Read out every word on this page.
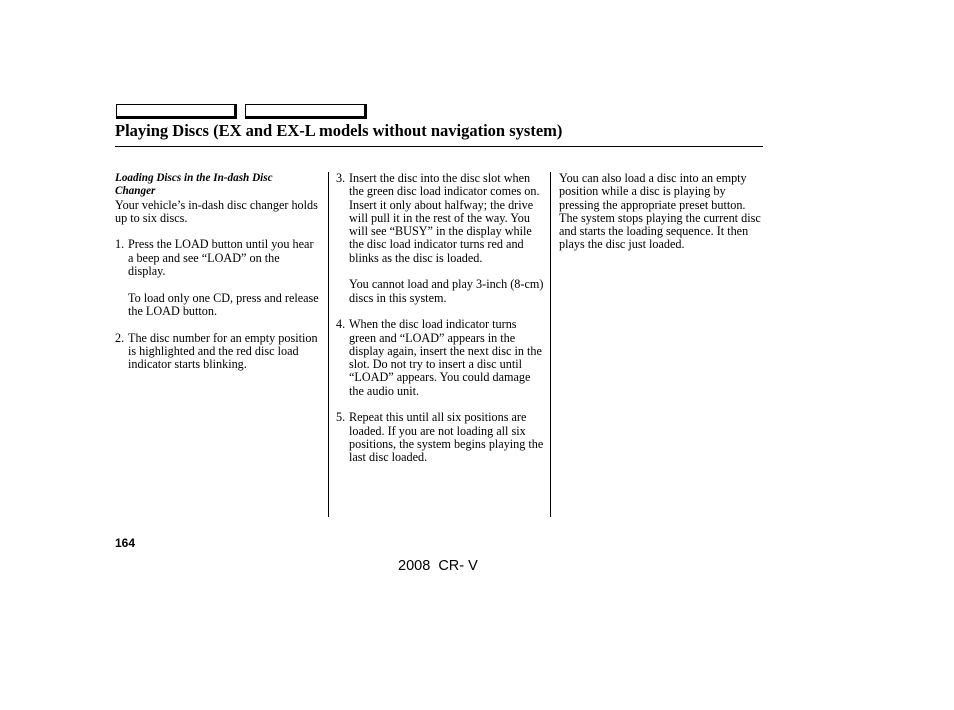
Playing Discs (EX and EX-L models without navigation system)
Loading Discs in the In-dash Disc
Changer

Your vehicle’s in-dash disc changer holds up to six discs.

1. Press the LOAD button until you hear a beep and see “LOAD” on the display.

To load only one CD, press and release the LOAD button.

2. The disc number for an empty position is highlighted and the red disc load indicator starts blinking.

3. Insert the disc into the disc slot when the green disc load indicator comes on. Insert it only about halfway; the drive will pull it in the rest of the way. You will see “BUSY” in the display while the disc load indicator turns red and blinks as the disc is loaded.

You cannot load and play 3-inch (8-cm) discs in this system.

4. When the disc load indicator turns green and “LOAD” appears in the display again, insert the next disc in the slot. Do not try to insert a disc until “LOAD” appears. You could damage the audio unit.

5. Repeat this until all six positions are loaded. If you are not loading all six positions, the system begins playing the last disc loaded.

You can also load a disc into an empty position while a disc is playing by pressing the appropriate preset button. The system stops playing the current disc and starts the loading sequence. It then plays the disc just loaded.

164
2008  CR- V
